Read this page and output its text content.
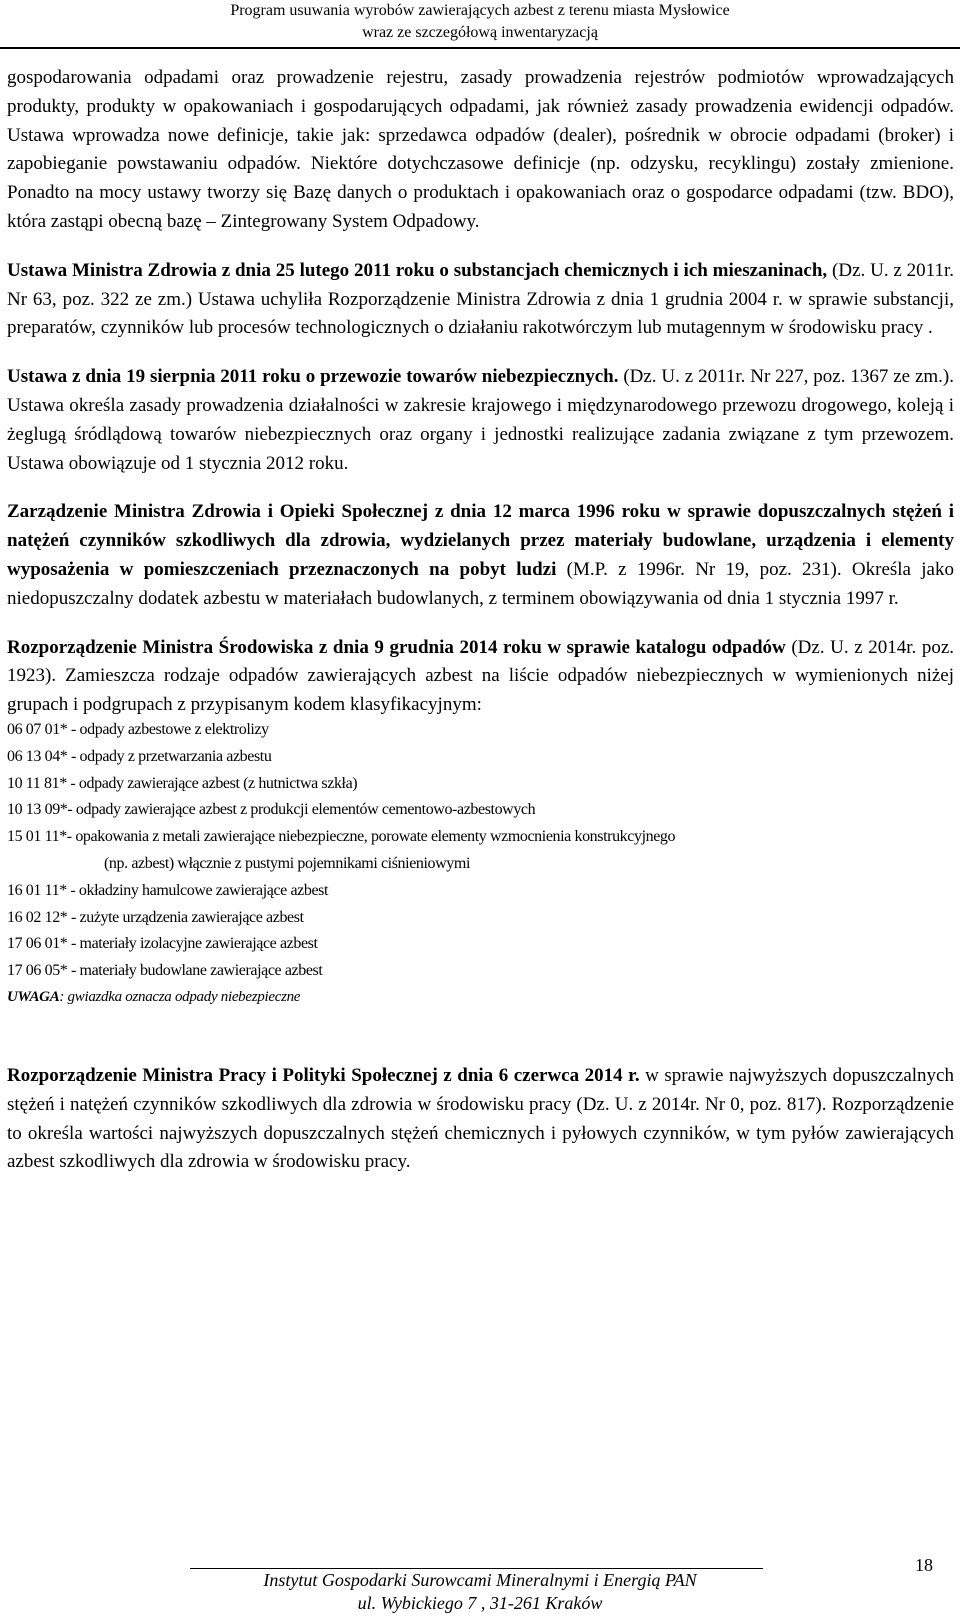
Program usuwania wyrobów zawierających azbest z terenu miasta Mysłowice
wraz ze szczegółową inwentaryzacją

gospodarowania odpadami oraz prowadzenie rejestru, zasady prowadzenia rejestrów podmiotów wprowadzających produkty, produkty w opakowaniach i gospodarujących odpadami, jak również zasady prowadzenia ewidencji odpadów. Ustawa wprowadza nowe definicje, takie jak: sprzedawca odpadów (dealer), pośrednik w obrocie odpadami (broker) i zapobieganie powstawaniu odpadów. Niektóre dotychczasowe definicje (np. odzysku, recyklingu) zostały zmienione. Ponadto na mocy ustawy tworzy się Bazę danych o produktach i opakowaniach oraz o gospodarce odpadami (tzw. BDO), która zastąpi obecną bazę – Zintegrowany System Odpadowy.

Ustawa Ministra Zdrowia z dnia 25 lutego 2011 roku o substancjach chemicznych i ich mieszaninach, (Dz. U. z 2011r. Nr 63, poz. 322 ze zm.) Ustawa uchyliła Rozporządzenie Ministra Zdrowia z dnia 1 grudnia 2004 r. w sprawie substancji, preparatów, czynników lub procesów technologicznych o działaniu rakotwórczym lub mutagennym w środowisku pracy .

Ustawa z dnia 19 sierpnia 2011 roku o przewozie towarów niebezpiecznych. (Dz. U. z 2011r. Nr 227, poz. 1367 ze zm.). Ustawa określa zasady prowadzenia działalności w zakresie krajowego i międzynarodowego przewozu drogowego, koleją i żeglugą śródlądową towarów niebezpiecznych oraz organy i jednostki realizujące zadania związane z tym przewozem. Ustawa obowiązuje od 1 stycznia 2012 roku.

Zarządzenie Ministra Zdrowia i Opieki Społecznej z dnia 12 marca 1996 roku w sprawie dopuszczalnych stężeń i natężeń czynników szkodliwych dla zdrowia, wydzielanych przez materiały budowlane, urządzenia i elementy wyposażenia w pomieszczeniach przeznaczonych na pobyt ludzi (M.P. z 1996r. Nr 19, poz. 231). Określa jako niedopuszczalny dodatek azbestu w materiałach budowlanych, z terminem obowiązywania od dnia 1 stycznia 1997 r.

Rozporządzenie Ministra Środowiska z dnia 9 grudnia 2014 roku w sprawie katalogu odpadów (Dz. U. z 2014r. poz. 1923). Zamieszcza rodzaje odpadów zawierających azbest na liście odpadów niebezpiecznych w wymienionych niżej grupach i podgrupach z przypisanym kodem klasyfikacyjnym:

06 07 01* - odpady azbestowe z elektrolizy
06 13 04* - odpady z przetwarzania azbestu
10 11 81* - odpady zawierające azbest (z hutnictwa szkła)
10 13 09*- odpady zawierające azbest z produkcji elementów cementowo-azbestowych
15 01 11*- opakowania z metali zawierające niebezpieczne, porowate elementy wzmocnienia konstrukcyjnego
(np. azbest) włącznie z pustymi pojemnikami ciśnieniowymi
16 01 11* - okładziny hamulcowe zawierające azbest
16 02 12* - zużyte urządzenia zawierające azbest
17 06 01* - materiały izolacyjne zawierające azbest
17 06 05* - materiały budowlane zawierające azbest
UWAGA: gwiazdka oznacza odpady niebezpieczne

Rozporządzenie Ministra Pracy i Polityki Społecznej z dnia 6 czerwca 2014 r. w sprawie najwyższych dopuszczalnych stężeń i natężeń czynników szkodliwych dla zdrowia w środowisku pracy (Dz. U. z 2014r. Nr 0, poz. 817). Rozporządzenie to określa wartości najwyższych dopuszczalnych stężeń chemicznych i pyłowych czynników, w tym pyłów zawierających azbest szkodliwych dla zdrowia w środowisku pracy.

Instytut Gospodarki Surowcami Mineralnymi i Energią PAN
ul. Wybickiego 7 , 31-261 Kraków
18
